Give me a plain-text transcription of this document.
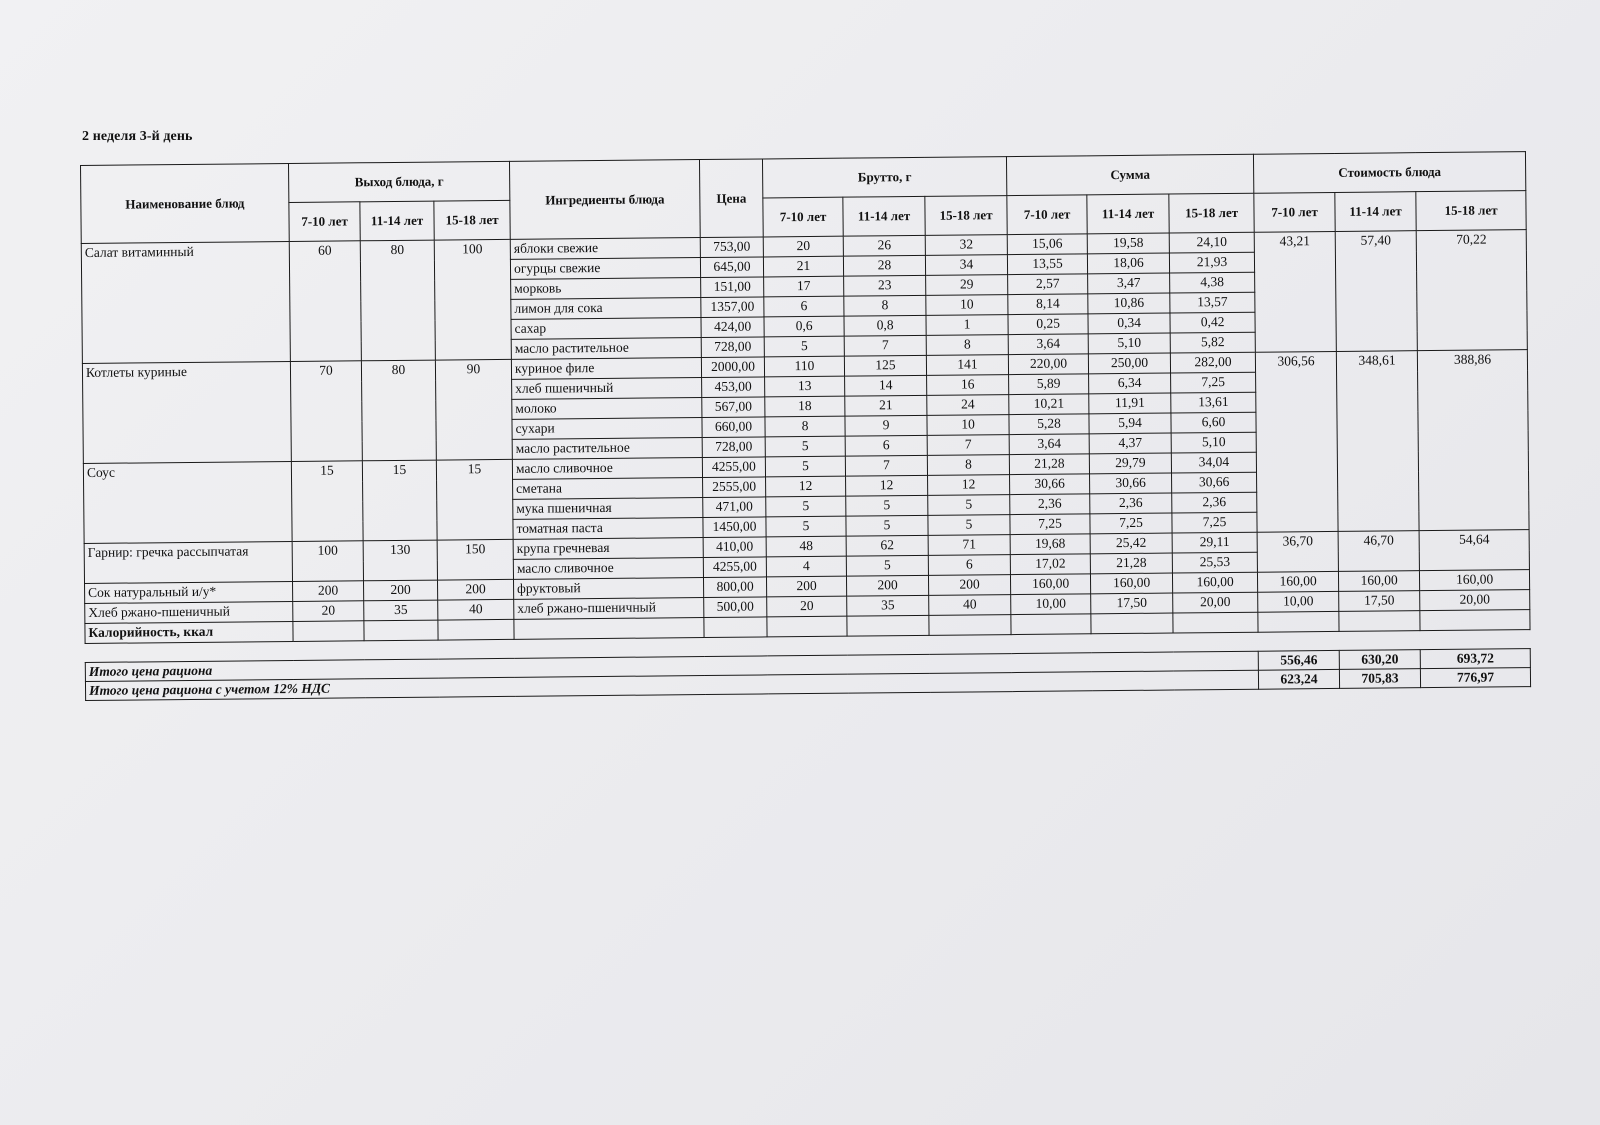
2 неделя 3-й день
Наименование блюд	Выход блюда, г			Ингредиенты блюда	Цена	Брутто, г			Сумма			Стоимость блюда		
	7-10 лет	11-14 лет	15-18 лет			7-10 лет	11-14 лет	15-18 лет	7-10 лет	11-14 лет	15-18 лет	7-10 лет	11-14 лет	15-18 лет
Салат витаминный	60	80	100	яблоки свежие	753,00	20	26	32	15,06	19,58	24,10	43,21	57,40	70,22
				огурцы свежие	645,00	21	28	34	13,55	18,06	21,93			
				морковь	151,00	17	23	29	2,57	3,47	4,38			
				лимон для сока	1357,00	6	8	10	8,14	10,86	13,57			
				сахар	424,00	0,6	0,8	1	0,25	0,34	0,42			
				масло растительное	728,00	5	7	8	3,64	5,10	5,82			
Котлеты куриные	70	80	90	куриное филе	2000,00	110	125	141	220,00	250,00	282,00	306,56	348,61	388,86
				хлеб пшеничный	453,00	13	14	16	5,89	6,34	7,25			
				молоко	567,00	18	21	24	10,21	11,91	13,61			
				сухари	660,00	8	9	10	5,28	5,94	6,60			
				масло растительное	728,00	5	6	7	3,64	4,37	5,10			
Соус	15	15	15	масло сливочное	4255,00	5	7	8	21,28	29,79	34,04			
				сметана	2555,00	12	12	12	30,66	30,66	30,66			
				мука пшеничная	471,00	5	5	5	2,36	2,36	2,36			
				томатная паста	1450,00	5	5	5	7,25	7,25	7,25			
Гарнир: гречка рассыпчатая	100	130	150	крупа гречневая	410,00	48	62	71	19,68	25,42	29,11	36,70	46,70	54,64
				масло сливочное	4255,00	4	5	6	17,02	21,28	25,53			
Сок натуральный и/у*	200	200	200	фруктовый	800,00	200	200	200	160,00	160,00	160,00	160,00	160,00	160,00
Хлеб ржано-пшеничный	20	35	40	хлеб ржано-пшеничный	500,00	20	35	40	10,00	17,50	20,00	10,00	17,50	20,00
Калорийность, ккал														

Итого цена рациона												556,46	630,20	693,72
Итого цена рациона с учетом 12% НДС												623,24	705,83	776,97
